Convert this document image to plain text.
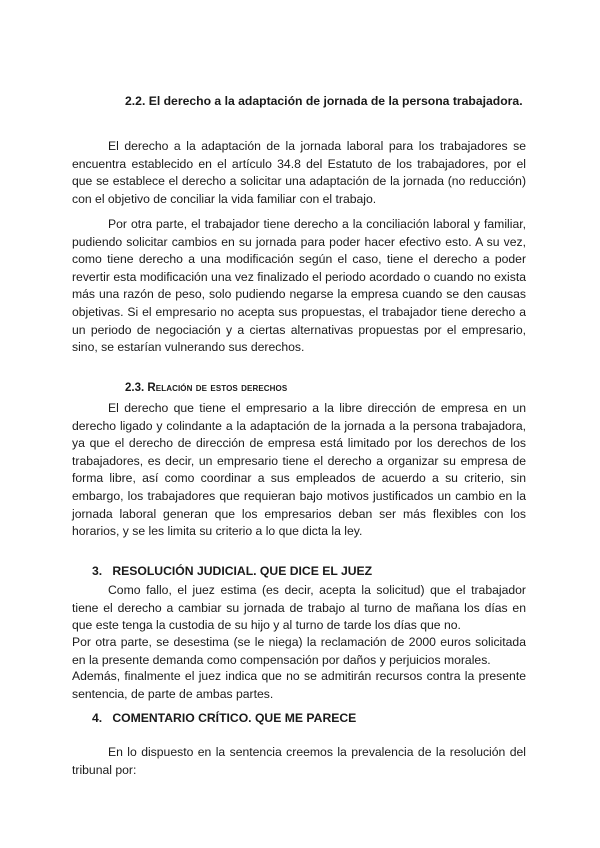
2.2. El derecho a la adaptación de jornada de la persona trabajadora.

El derecho a la adaptación de la jornada laboral para los trabajadores se encuentra establecido en el artículo 34.8 del Estatuto de los trabajadores, por el que se establece el derecho a solicitar una adaptación de la jornada (no reducción) con el objetivo de conciliar la vida familiar con el trabajo.

Por otra parte, el trabajador tiene derecho a la conciliación laboral y familiar, pudiendo solicitar cambios en su jornada para poder hacer efectivo esto. A su vez, como tiene derecho a una modificación según el caso, tiene el derecho a poder revertir esta modificación una vez finalizado el periodo acordado o cuando no exista más una razón de peso, solo pudiendo negarse la empresa cuando se den causas objetivas. Si el empresario no acepta sus propuestas, el trabajador tiene derecho a un periodo de negociación y a ciertas alternativas propuestas por el empresario, sino, se estarían vulnerando sus derechos.

2.3. Relación de estos derechos

El derecho que tiene el empresario a la libre dirección de empresa en un derecho ligado y colindante a la adaptación de la jornada a la persona trabajadora, ya que el derecho de dirección de empresa está limitado por los derechos de los trabajadores, es decir, un empresario tiene el derecho a organizar su empresa de forma libre, así como coordinar a sus empleados de acuerdo a su criterio, sin embargo, los trabajadores que requieran bajo motivos justificados un cambio en la jornada laboral generan que los empresarios deban ser más flexibles con los horarios, y se les limita su criterio a lo que dicta la ley.

3.   RESOLUCIÓN JUDICIAL. QUE DICE EL JUEZ

Como fallo, el juez estima (es decir, acepta la solicitud) que el trabajador tiene el derecho a cambiar su jornada de trabajo al turno de mañana los días en que este tenga la custodia de su hijo y al turno de tarde los días que no.

Por otra parte, se desestima (se le niega) la reclamación de 2000 euros solicitada en la presente demanda como compensación por daños y perjuicios morales.

Además, finalmente el juez indica que no se admitirán recursos contra la presente sentencia, de parte de ambas partes.

4.   COMENTARIO CRÍTICO. QUE ME PARECE

En lo dispuesto en la sentencia creemos la prevalencia de la resolución del tribunal por:
